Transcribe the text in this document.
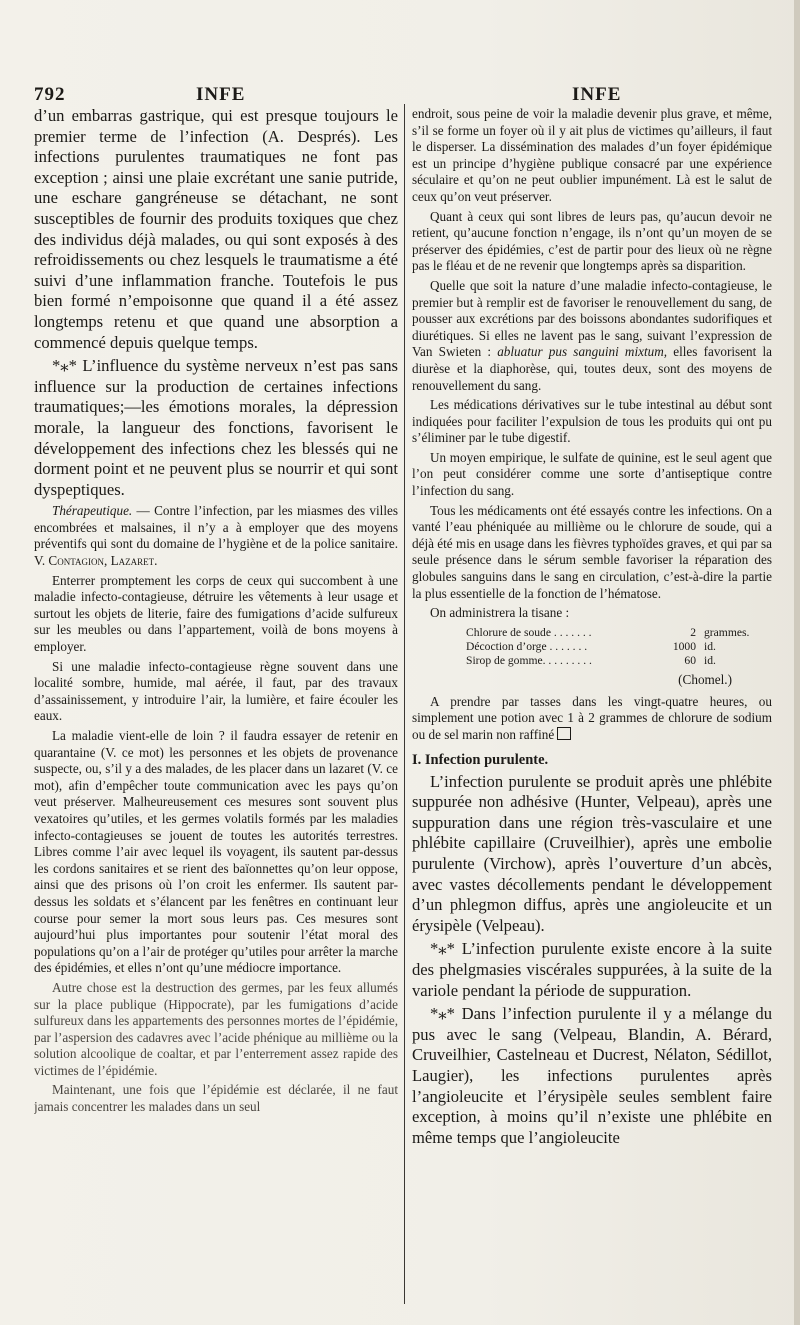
792	INFE	INFE

d’un embarras gastrique, qui est presque toujours le premier terme de l’infection (A. Després). Les infections purulentes traumatiques ne font pas exception ; ainsi une plaie excrétant une sanie putride, une eschare gangréneuse se détachant, ne sont susceptibles de fournir des produits toxiques que chez des individus déjà malades, ou qui sont exposés à des refroidissements ou chez lesquels le traumatisme a été suivi d’une inflammation franche. Toutefois le pus bien formé n’empoisonne que quand il a été assez longtemps retenu et que quand une absorption a commencé depuis quelque temps.

*⁎* L’influence du système nerveux n’est pas sans influence sur la production de certaines infections traumatiques;—les émotions morales, la dépression morale, la langueur des fonctions, favorisent le développement des infections chez les blessés qui ne dorment point et ne peuvent plus se nourrir et qui sont dyspeptiques.

Thérapeutique. — Contre l’infection, par les miasmes des villes encombrées et malsaines, il n’y a à employer que des moyens préventifs qui sont du domaine de l’hygiène et de la police sanitaire. V. Contagion, Lazaret.

Enterrer promptement les corps de ceux qui succombent à une maladie infecto-contagieuse, détruire les vêtements à leur usage et surtout les objets de literie, faire des fumigations d’acide sulfureux sur les meubles ou dans l’appartement, voilà de bons moyens à employer.

Si une maladie infecto-contagieuse règne souvent dans une localité sombre, humide, mal aérée, il faut, par des travaux d’assainissement, y introduire l’air, la lumière, et faire écouler les eaux.

La maladie vient-elle de loin ? il faudra essayer de retenir en quarantaine (V. ce mot) les personnes et les objets de provenance suspecte, ou, s’il y a des malades, de les placer dans un lazaret (V. ce mot), afin d’empêcher toute communication avec les pays qu’on veut préserver. Malheureusement ces mesures sont souvent plus vexatoires qu’utiles, et les germes volatils formés par les maladies infecto-contagieuses se jouent de toutes les autorités terrestres. Libres comme l’air avec lequel ils voyagent, ils sautent par-dessus les cordons sanitaires et se rient des baïonnettes qu’on leur oppose, ainsi que des prisons où l’on croit les enfermer. Ils sautent par-dessus les soldats et s’élancent par les fenêtres en continuant leur course pour semer la mort sous leurs pas. Ces mesures sont aujourd’hui plus importantes pour soutenir l’état moral des populations qu’on a l’air de protéger qu’utiles pour arrêter la marche des épidémies, et elles n’ont qu’une médiocre importance.

Autre chose est la destruction des germes, par les feux allumés sur la place publique (Hippocrate), par les fumigations d’acide sulfureux dans les appartements des personnes mortes de l’épidémie, par l’aspersion des cadavres avec l’acide phénique au millième ou la solution alcoolique de coaltar, et par l’enterrement assez rapide des victimes de l’épidémie.

Maintenant, une fois que l’épidémie est déclarée, il ne faut jamais concentrer les malades dans un seul

endroit, sous peine de voir la maladie devenir plus grave, et même, s’il se forme un foyer où il y ait plus de victimes qu’ailleurs, il faut le disperser. La dissémination des malades d’un foyer épidémique est un principe d’hygiène publique consacré par une expérience séculaire et qu’on ne peut oublier impunément. Là est le salut de ceux qu’on veut préserver.

Quant à ceux qui sont libres de leurs pas, qu’aucun devoir ne retient, qu’aucune fonction n’engage, ils n’ont qu’un moyen de se préserver des épidémies, c’est de partir pour des lieux où ne règne pas le fléau et de ne revenir que longtemps après sa disparition.

Quelle que soit la nature d’une maladie infecto-contagieuse, le premier but à remplir est de favoriser le renouvellement du sang, de pousser aux excrétions par des boissons abondantes sudorifiques et diurétiques. Si elles ne lavent pas le sang, suivant l’expression de Van Swieten : abluatur pus sanguini mixtum, elles favorisent la diurèse et la diaphorèse, qui, toutes deux, sont des moyens de renouvellement du sang.

Les médications dérivatives sur le tube intestinal au début sont indiquées pour faciliter l’expulsion de tous les produits qui ont pu s’éliminer par le tube digestif.

Un moyen empirique, le sulfate de quinine, est le seul agent que l’on peut considérer comme une sorte d’antiseptique contre l’infection du sang.

Tous les médicaments ont été essayés contre les infections. On a vanté l’eau phéniquée au millième ou le chlorure de soude, qui a déjà été mis en usage dans les fièvres typhoïdes graves, et qui par sa seule présence dans le sérum semble favoriser la réparation des globules sanguins dans le sang en circulation, c’est-à-dire la partie la plus essentielle de la fonction de l’hématose.

On administrera la tisane :

Chlorure de soude . . . . . . .	2	grammes.
Décoction d’orge . . . . . . .	1000	id.
Sirop de gomme. . . . . . . . .	60	id.

(Chomel.)

A prendre par tasses dans les vingt-quatre heures, ou simplement une potion avec 1 à 2 grammes de chlorure de sodium ou de sel marin non raffiné

I. Infection purulente.

L’infection purulente se produit après une phlébite suppurée non adhésive (Hunter, Velpeau), après une suppuration dans une région très-vasculaire et une phlébite capillaire (Cruveilhier), après une embolie purulente (Virchow), après l’ouverture d’un abcès, avec vastes décollements pendant le développement d’un phlegmon diffus, après une angioleucite et un érysipèle (Velpeau).

*⁎* L’infection purulente existe encore à la suite des phelgmasies viscérales suppurées, à la suite de la variole pendant la période de suppuration.

*⁎* Dans l’infection purulente il y a mélange du pus avec le sang (Velpeau, Blandin, A. Bérard, Cruveilhier, Castelneau et Ducrest, Nélaton, Sédillot, Laugier), les infections purulentes après l’angioleucite et l’érysipèle seules semblent faire exception, à moins qu’il n’existe une phlébite en même temps que l’angioleucite
